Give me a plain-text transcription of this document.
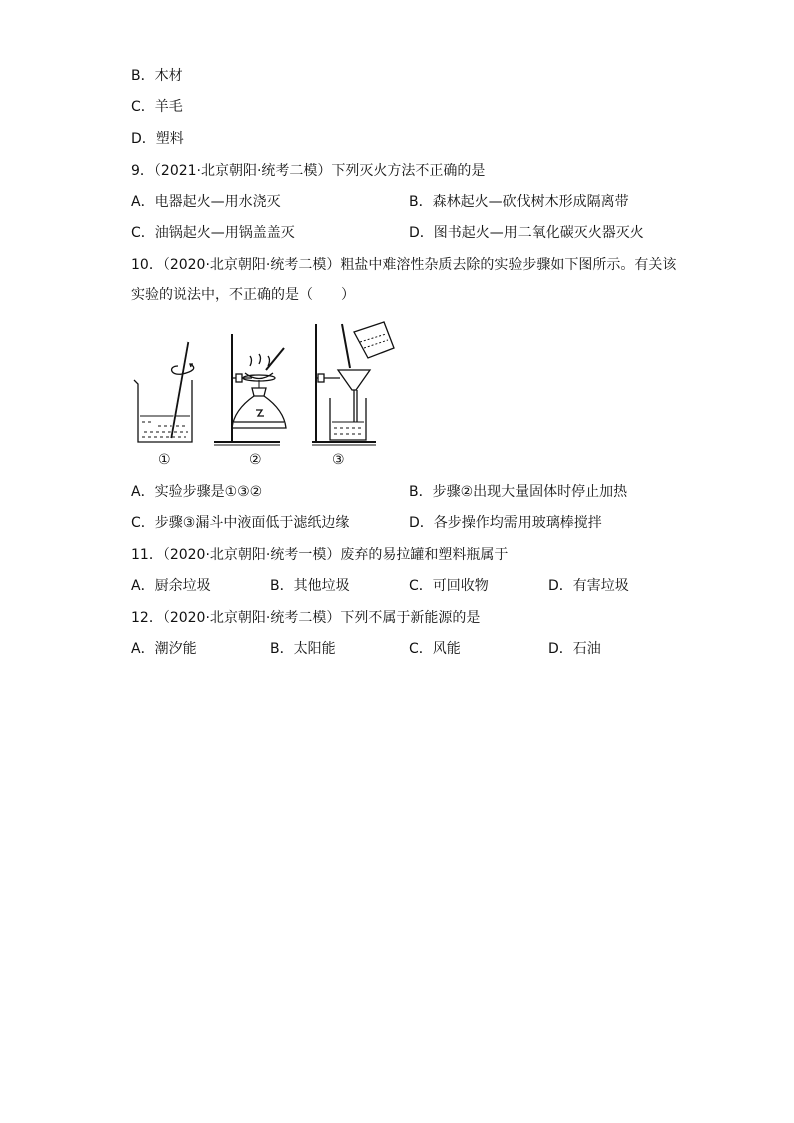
B．木材
C．羊毛
D．塑料
9．（2021·北京朝阳·统考二模）下列灭火方法不正确的是
A．电器起火—用水浇灭	B．森林起火—砍伐树木形成隔离带
C．油锅起火—用锅盖盖灭	D．图书起火—用二氧化碳灭火器灭火
10．（2020·北京朝阳·统考二模）粗盐中难溶性杂质去除的实验步骤如下图所示。有关该
实验的说法中，不正确的是（　　）
①	②	③
A．实验步骤是①③②	B．步骤②出现大量固体时停止加热
C．步骤③漏斗中液面低于滤纸边缘	D．各步操作均需用玻璃棒搅拌
11．（2020·北京朝阳·统考一模）废弃的易拉罐和塑料瓶属于
A．厨余垃圾	B．其他垃圾	C．可回收物	D．有害垃圾
12．（2020·北京朝阳·统考二模）下列不属于新能源的是
A．潮汐能	B．太阳能	C．风能	D．石油
